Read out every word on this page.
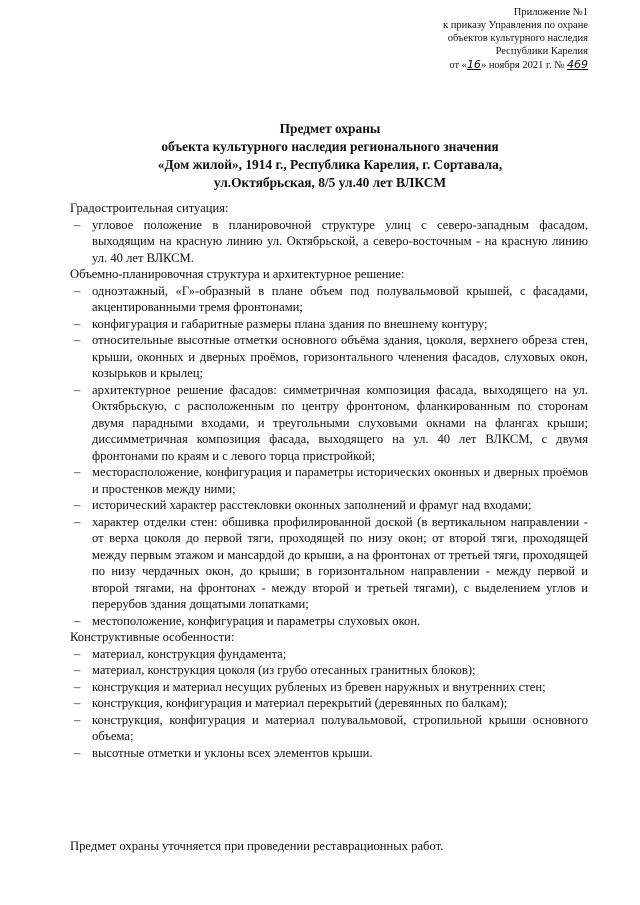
Приложение №1
к приказу Управления по охране
объектов культурного наследия
Республики Карелия
от «16» ноября 2021 г. № 469
Предмет охраны
объекта культурного наследия регионального значения
«Дом жилой», 1914 г., Республика Карелия, г. Сортавала,
ул.Октябрьская, 8/5 ул.40 лет ВЛКСМ
Градостроительная ситуация:
– угловое положение в планировочной структуре улиц с северо-западным фасадом, выходящим на красную линию ул. Октябрьской, а северо-восточным - на красную линию ул. 40 лет ВЛКСМ.
Объемно-планировочная структура и архитектурное решение:
– одноэтажный, «Г»-образный в плане объем под полувальмовой крышей, с фасадами, акцентированными тремя фронтонами;
– конфигурация и габаритные размеры плана здания по внешнему контуру;
– относительные высотные отметки основного объёма здания, цоколя, верхнего обреза стен, крыши, оконных и дверных проёмов, горизонтального членения фасадов, слуховых окон, козырьков и крылец;
– архитектурное решение фасадов: симметричная композиция фасада, выходящего на ул. Октябрьскую, с расположенным по центру фронтоном, фланкированным по сторонам двумя парадными входами, и треугольными слуховыми окнами на флангах крыши; диссимметричная композиция фасада, выходящего на ул. 40 лет ВЛКСМ, с двумя фронтонами по краям и с левого торца пристройкой;
– месторасположение, конфигурация и параметры исторических оконных и дверных проёмов и простенков между ними;
– исторический характер расстекловки оконных заполнений и фрамуг над входами;
– характер отделки стен: обшивка профилированной доской (в вертикальном направлении - от верха цоколя до первой тяги, проходящей по низу окон; от второй тяги, проходящей между первым этажом и мансардой до крыши, а на фронтонах от третьей тяги, проходящей по низу чердачных окон, до крыши; в горизонтальном направлении - между первой и второй тягами, на фронтонах - между второй и третьей тягами), с выделением углов и перерубов здания дощатыми лопатками;
– местоположение, конфигурация и параметры слуховых окон.
Конструктивные особенности:
– материал, конструкция фундамента;
– материал, конструкция цоколя (из грубо отесанных гранитных блоков);
– конструкция и материал несущих рубленых из бревен наружных и внутренних стен;
– конструкция, конфигурация и материал перекрытий (деревянных по балкам);
– конструкция, конфигурация и материал полувальмовой, стропильной крыши основного объема;
– высотные отметки и уклоны всех элементов крыши.
Предмет охраны уточняется при проведении реставрационных работ.
